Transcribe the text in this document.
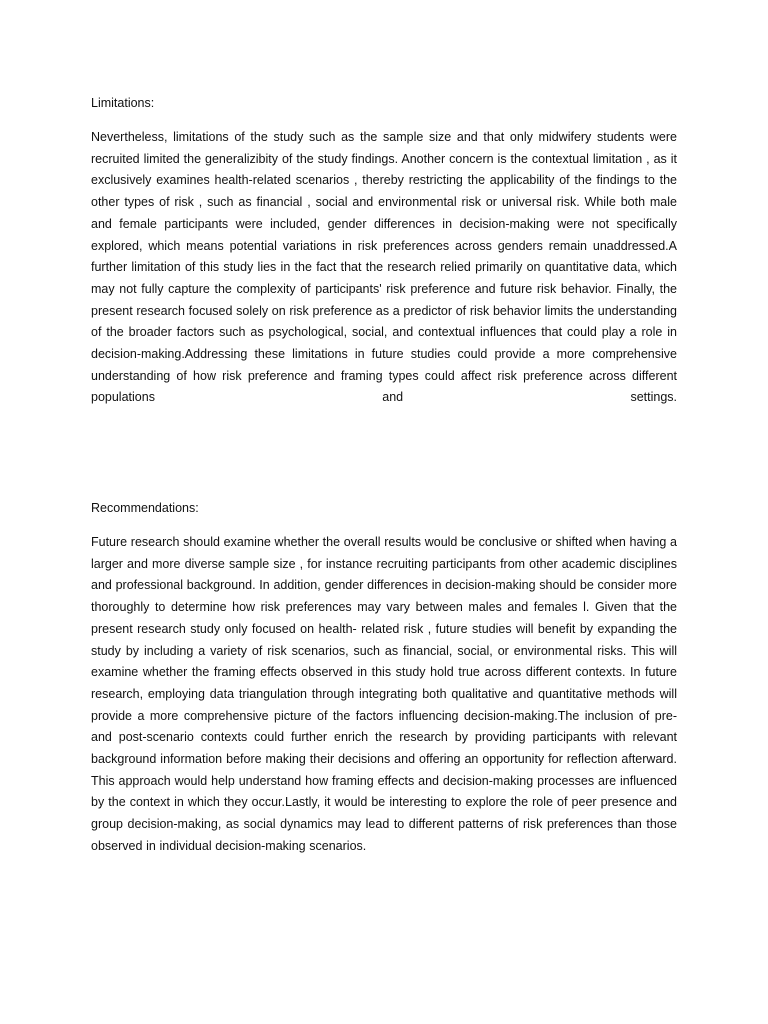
Limitations:
Nevertheless, limitations of the study such as the sample size and that only midwifery students were recruited limited the generalizibity of the study findings. Another concern is the contextual limitation , as it exclusively examines health-related scenarios , thereby restricting the applicability of the findings to the other types of risk , such as financial , social and environmental risk or universal risk. While both male and female participants were included, gender differences in decision-making were not specifically explored, which means potential variations in risk preferences across genders remain unaddressed.A further limitation of this study lies in the fact that the research relied primarily on quantitative data, which may not fully capture the complexity of participants' risk preference and future risk behavior. Finally, the present research focused solely on risk preference as a predictor of risk behavior limits the understanding of the broader factors such as psychological, social, and contextual influences that could play a role in decision-making.Addressing these limitations in future studies could provide a more comprehensive understanding of how risk preference and framing types could affect risk preference across different populations and settings.
Recommendations:
Future research should examine whether the overall results would be conclusive or shifted when having a larger and more diverse sample size , for instance recruiting participants from other academic disciplines and professional background. In addition, gender differences in decision-making should be consider more thoroughly to determine how risk preferences may vary between males and females l. Given that the present research study only focused on health- related risk , future studies will benefit by expanding the study by including a variety of risk scenarios, such as financial, social, or environmental risks. This will examine whether the framing effects observed in this study hold true across different contexts. In future research, employing data triangulation through integrating both qualitative and quantitative methods will provide a more comprehensive picture of the factors influencing decision-making.The inclusion of pre- and post-scenario contexts could further enrich the research by providing participants with relevant background information before making their decisions and offering an opportunity for reflection afterward. This approach would help understand how framing effects and decision-making processes are influenced by the context in which they occur.Lastly, it would be interesting to explore the role of peer presence and group decision-making, as social dynamics may lead to different patterns of risk preferences than those observed in individual decision-making scenarios.
